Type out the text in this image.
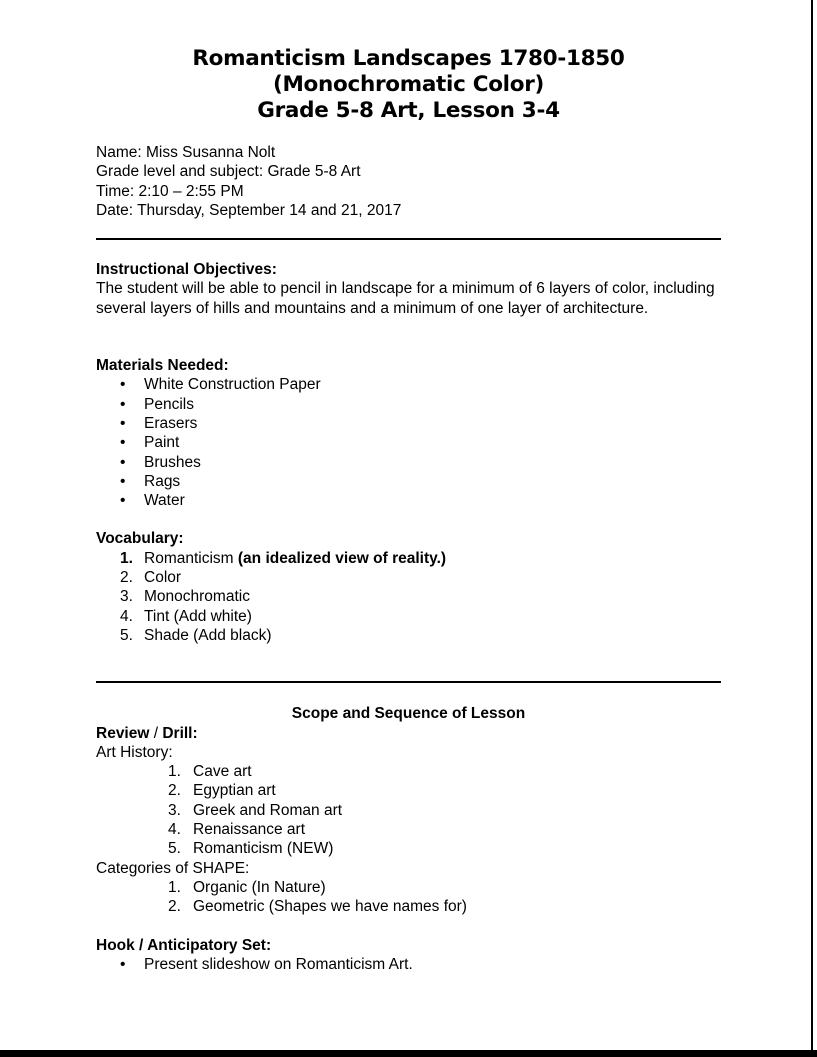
Romanticism Landscapes 1780-1850
(Monochromatic Color)
Grade 5-8 Art, Lesson 3-4
Name: Miss Susanna Nolt
Grade level and subject: Grade 5-8 Art
Time: 2:10 – 2:55 PM
Date: Thursday, September 14 and 21, 2017
Instructional Objectives:
The student will be able to pencil in landscape for a minimum of 6 layers of color, including several layers of hills and mountains and a minimum of one layer of architecture.
Materials Needed:
•	White Construction Paper
•	Pencils
•	Erasers
•	Paint
•	Brushes
•	Rags
•	Water
Vocabulary:
1. Romanticism (an idealized view of reality.)
2. Color
3. Monochromatic
4. Tint (Add white)
5. Shade (Add black)
Scope and Sequence of Lesson
Review / Drill:
Art History:
1. Cave art
2. Egyptian art
3. Greek and Roman art
4. Renaissance art
5. Romanticism (NEW)
Categories of SHAPE:
1. Organic (In Nature)
2. Geometric (Shapes we have names for)
Hook / Anticipatory Set:
•	Present slideshow on Romanticism Art.
